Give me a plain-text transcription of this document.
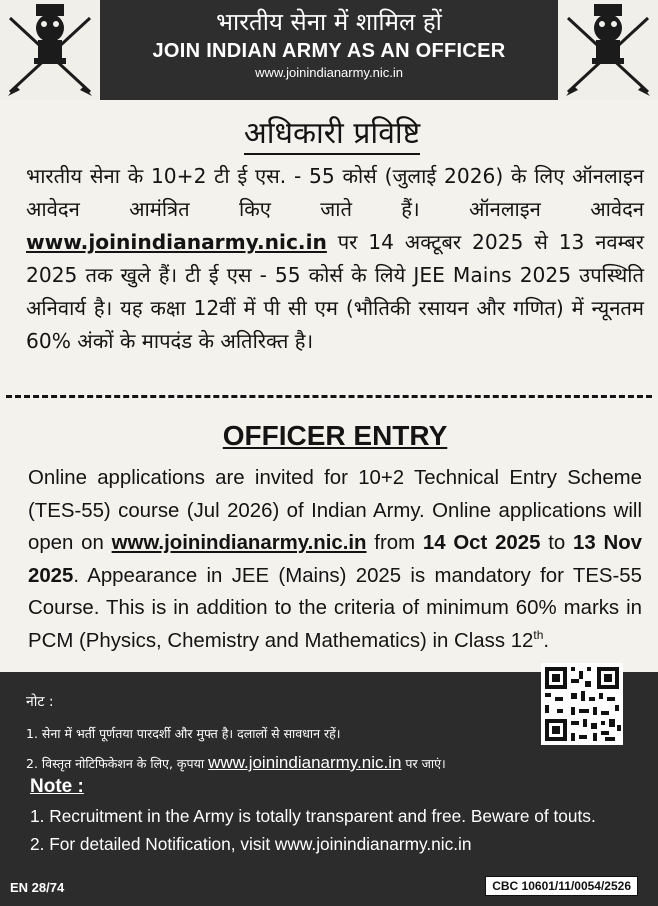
भारतीय सेना में शामिल हों
JOIN INDIAN ARMY AS AN OFFICER
www.joinindianarmy.nic.in
अधिकारी प्रविष्टि

भारतीय सेना के 10+2 टी ई एस. - 55 कोर्स (जुलाई 2026) के लिए ऑनलाइन आवेदन आमंत्रित किए जाते हैं। ऑनलाइन आवेदन www.joinindianarmy.nic.in पर 14 अक्टूबर 2025 से 13 नवम्बर 2025 तक खुले हैं। टी ई एस - 55 कोर्स के लिये JEE Mains 2025 उपस्थिति अनिवार्य है। यह कक्षा 12वीं में पी सी एम (भौतिकी रसायन और गणित) में न्यूनतम 60% अंकों के मापदंड के अतिरिक्त है।

OFFICER ENTRY

Online applications are invited for 10+2 Technical Entry Scheme (TES-55) course (Jul 2026) of Indian Army. Online applications will open on www.joinindianarmy.nic.in from 14 Oct 2025 to 13 Nov 2025. Appearance in JEE (Mains) 2025 is mandatory for TES-55 Course. This is in addition to the criteria of minimum 60% marks in PCM (Physics, Chemistry and Mathematics) in Class 12th.

नोट :
1. सेना में भर्ती पूर्णतया पारदर्शी और मुफ्त है। दलालों से सावधान रहें।
2. विस्तृत नोटिफिकेशन के लिए, कृपया www.joinindianarmy.nic.in पर जाएं।
Note :
1. Recruitment in the Army is totally transparent and free. Beware of touts.
2. For detailed Notification, visit www.joinindianarmy.nic.in
EN 28/74	CBC 10601/11/0054/2526
